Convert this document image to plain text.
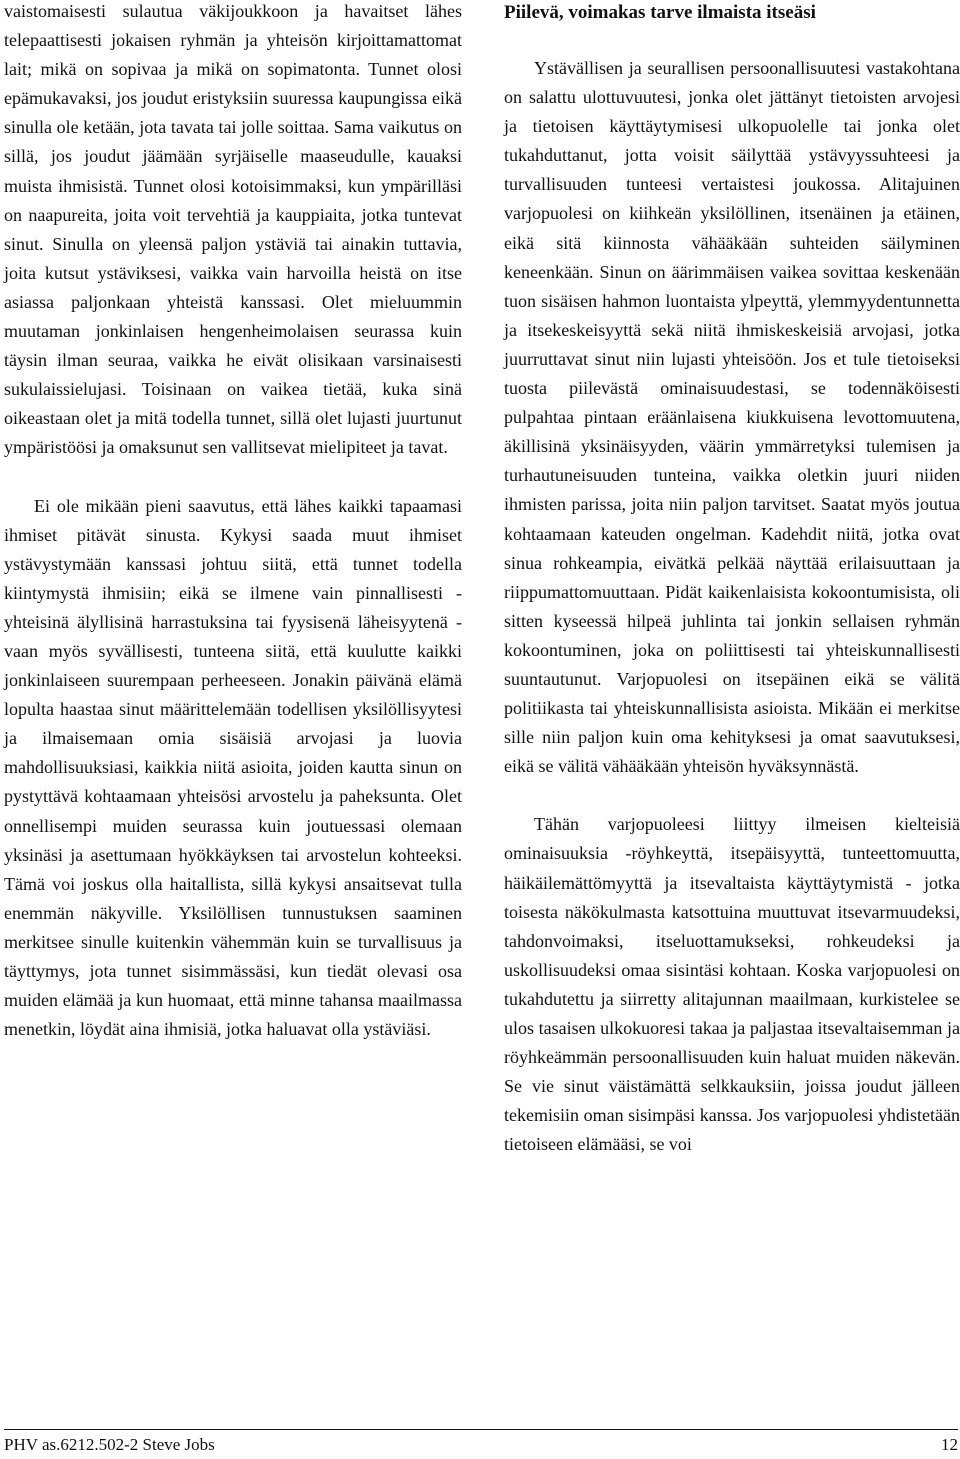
vaistomaisesti sulautua väkijoukkoon ja havaitset lähes telepaattisesti jokaisen ryhmän ja yhteisön kirjoittamattomat lait; mikä on sopivaa ja mikä on sopimatonta. Tunnet olosi epämukavaksi, jos joudut eristyksiin suuressa kaupungissa eikä sinulla ole ketään, jota tavata tai jolle soittaa. Sama vaikutus on sillä, jos joudut jäämään syrjäiselle maaseudulle, kauaksi muista ihmisistä. Tunnet olosi kotoisimmaksi, kun ympärilläsi on naapureita, joita voit tervehtiä ja kauppiaita, jotka tuntevat sinut. Sinulla on yleensä paljon ystäviä tai ainakin tuttavia, joita kutsut ystäviksesi, vaikka vain harvoilla heistä on itse asiassa paljonkaan yhteistä kanssasi. Olet mieluummin muutaman jonkinlaisen hengenheimolaisen seurassa kuin täysin ilman seuraa, vaikka he eivät olisikaan varsinaisesti sukulaissielujasi. Toisinaan on vaikea tietää, kuka sinä oikeastaan olet ja mitä todella tunnet, sillä olet lujasti juurtunut ympäristöösi ja omaksunut sen vallitsevat mielipiteet ja tavat.

Ei ole mikään pieni saavutus, että lähes kaikki tapaamasi ihmiset pitävät sinusta. Kykysi saada muut ihmiset ystävystymään kanssasi johtuu siitä, että tunnet todella kiintymystä ihmisiin; eikä se ilmene vain pinnallisesti - yhteisinä älyllisinä harrastuksina tai fyysisenä läheisyytenä - vaan myös syvällisesti, tunteena siitä, että kuulutte kaikki jonkinlaiseen suurempaan perheeseen. Jonakin päivänä elämä lopulta haastaa sinut määrittelemään todellisen yksilöllisyytesi ja ilmaisemaan omia sisäisiä arvojasi ja luovia mahdollisuuksiasi, kaikkia niitä asioita, joiden kautta sinun on pystyttävä kohtaamaan yhteisösi arvostelu ja paheksunta. Olet onnellisempi muiden seurassa kuin joutuessasi olemaan yksinäsi ja asettumaan hyökkäyksen tai arvostelun kohteeksi. Tämä voi joskus olla haitallista, sillä kykysi ansaitsevat tulla enemmän näkyville. Yksilöllisen tunnustuksen saaminen merkitsee sinulle kuitenkin vähemmän kuin se turvallisuus ja täyttymys, jota tunnet sisimmässäsi, kun tiedät olevasi osa muiden elämää ja kun huomaat, että minne tahansa maailmassa menetkin, löydät aina ihmisiä, jotka haluavat olla ystäviäsi.

Piilevä, voimakas tarve ilmaista itseäsi

Ystävällisen ja seurallisen persoonallisuutesi vastakohtana on salattu ulottuvuutesi, jonka olet jättänyt tietoisten arvojesi ja tietoisen käyttäytymisesi ulkopuolelle tai jonka olet tukahduttanut, jotta voisit säilyttää ystävyyssuhteesi ja turvallisuuden tunteesi vertaistesi joukossa. Alitajuinen varjopuolesi on kiihkeän yksilöllinen, itsenäinen ja etäinen, eikä sitä kiinnosta vähääkään suhteiden säilyminen keneenkään. Sinun on äärimmäisen vaikea sovittaa keskenään tuon sisäisen hahmon luontaista ylpeyttä, ylemmyydentunnetta ja itsekeskeisyyttä sekä niitä ihmiskeskeisiä arvojasi, jotka juurruttavat sinut niin lujasti yhteisöön. Jos et tule tietoiseksi tuosta piilevästä ominaisuudestasi, se todennäköisesti pulpahtaa pintaan eräänlaisena kiukkuisena levottomuutena, äkillisinä yksinäisyyden, väärin ymmärretyksi tulemisen ja turhautuneisuuden tunteina, vaikka oletkin juuri niiden ihmisten parissa, joita niin paljon tarvitset. Saatat myös joutua kohtaamaan kateuden ongelman. Kadehdit niitä, jotka ovat sinua rohkeampia, eivätkä pelkää näyttää erilaisuuttaan ja riippumattomuuttaan. Pidät kaikenlaisista kokoontumisista, oli sitten kyseessä hilpeä juhlinta tai jonkin sellaisen ryhmän kokoontuminen, joka on poliittisesti tai yhteiskunnallisesti suuntautunut. Varjopuolesi on itsepäinen eikä se välitä politiikasta tai yhteiskunnallisista asioista. Mikään ei merkitse sille niin paljon kuin oma kehityksesi ja omat saavutuksesi, eikä se välitä vähääkään yhteisön hyväksynnästä.

Tähän varjopuoleesi liittyy ilmeisen kielteisiä ominaisuuksia -röyhkeyttä, itsepäisyyttä, tunteettomuutta, häikäilemättömyyttä ja itsevaltaista käyttäytymistä - jotka toisesta näkökulmasta katsottuina muuttuvat itsevarmuudeksi, tahdonvoimaksi, itseluottamukseksi, rohkeudeksi ja uskollisuudeksi omaa sisintäsi kohtaan. Koska varjopuolesi on tukahdutettu ja siirretty alitajunnan maailmaan, kurkistelee se ulos tasaisen ulkokuoresi takaa ja paljastaa itsevaltaisemman ja röyhkeämmän persoonallisuuden kuin haluat muiden näkevän. Se vie sinut väistämättä selkkauksiin, joissa joudut jälleen tekemisiin oman sisimpäsi kanssa. Jos varjopuolesi yhdistetään tietoiseen elämääsi, se voi

PHV as.6212.502-2 Steve Jobs	12
